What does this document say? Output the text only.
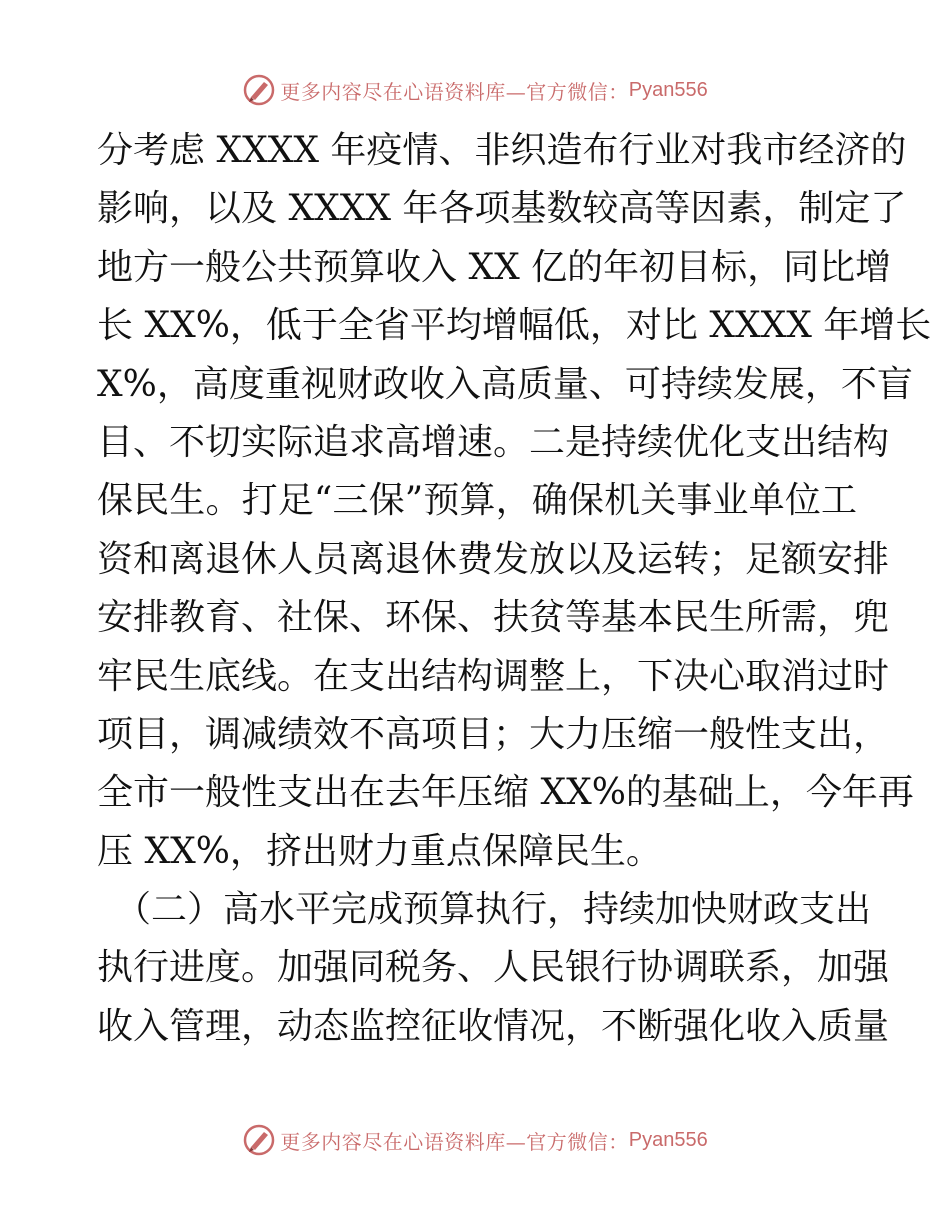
更多内容尽在心语资料库—官方微信： Pyan556
分考虑 XXXX 年疫情、非织造布行业对我市经济的
影响，以及 XXXX 年各项基数较高等因素，制定了
地方一般公共预算收入 XX 亿的年初目标，同比增
长 XX%，低于全省平均增幅低，对比 XXXX 年增长
X%，高度重视财政收入高质量、可持续发展，不盲
目、不切实际追求高增速。二是持续优化支出结构
保民生。打足“三保”预算，确保机关事业单位工
资和离退休人员离退休费发放以及运转；足额安排
安排教育、社保、环保、扶贫等基本民生所需，兜
牢民生底线。在支出结构调整上，下决心取消过时
项目，调减绩效不高项目；大力压缩一般性支出，
全市一般性支出在去年压缩 XX%的基础上，今年再
压 XX%，挤出财力重点保障民生。
（二）高水平完成预算执行，持续加快财政支出
执行进度。加强同税务、人民银行协调联系，加强
收入管理，动态监控征收情况，不断强化收入质量
更多内容尽在心语资料库—官方微信： Pyan556
